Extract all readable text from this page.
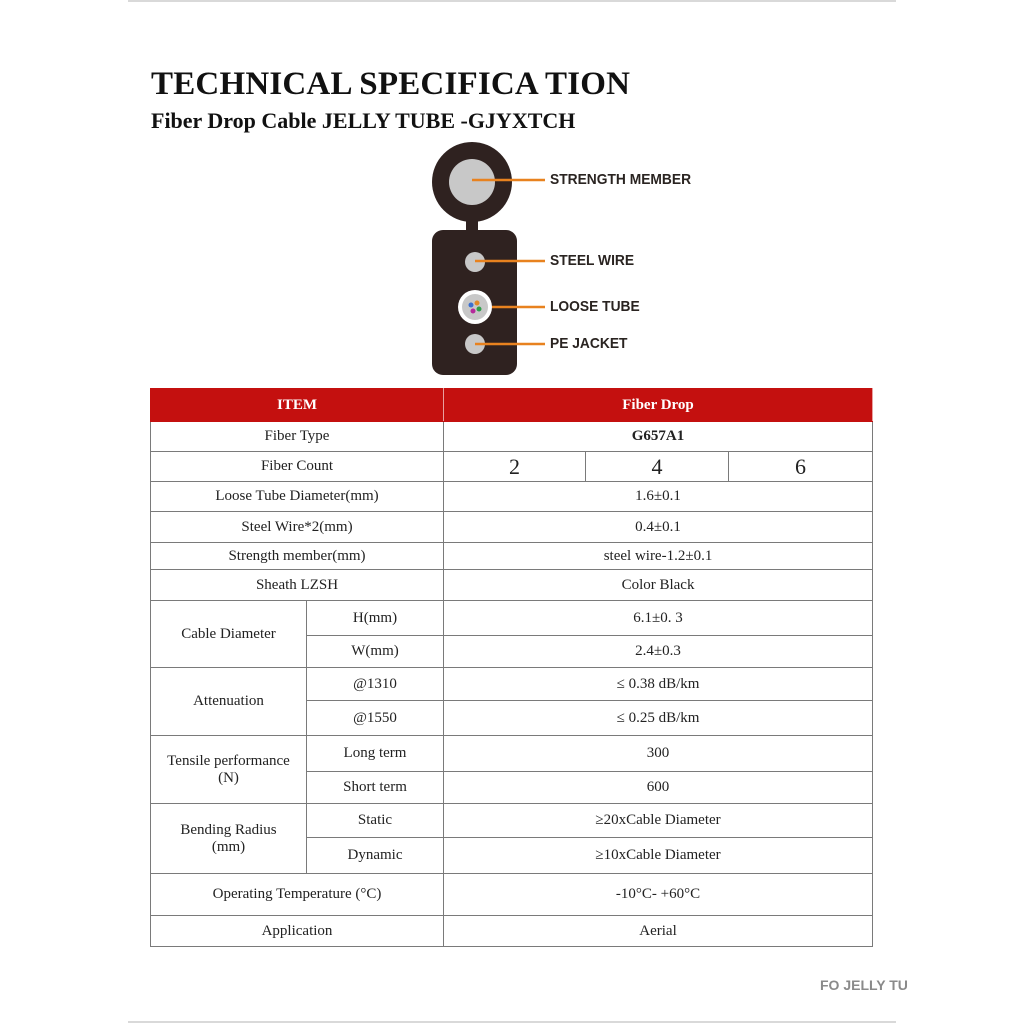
TECHNICAL SPECIFICA TION
Fiber Drop Cable JELLY TUBE -GJYXTCH
STRENGTH MEMBER
STEEL WIRE
LOOSE TUBE
PE JACKET
ITEM		Fiber Drop		
Fiber Type		G657A1		
Fiber Count		2	4	6
Loose Tube Diameter(mm)		1.6±0.1		
Steel Wire*2(mm)		0.4±0.1		
Strength member(mm)		steel wire-1.2±0.1		
Sheath LZSH		Color Black		
Cable Diameter	H(mm)	6.1±0. 3		
	W(mm)	2.4±0.3		
Attenuation	@1310	≤ 0.38 dB/km		
	@1550	≤ 0.25 dB/km		
Tensile performance
(N)	Long term	300		
	Short term	600		
Bending Radius
(mm)	Static	≥20xCable Diameter		
	Dynamic	≥10xCable Diameter		
Operating Temperature (°C)		-10°C- +60°C		
Application		Aerial		
FO JELLY TU
